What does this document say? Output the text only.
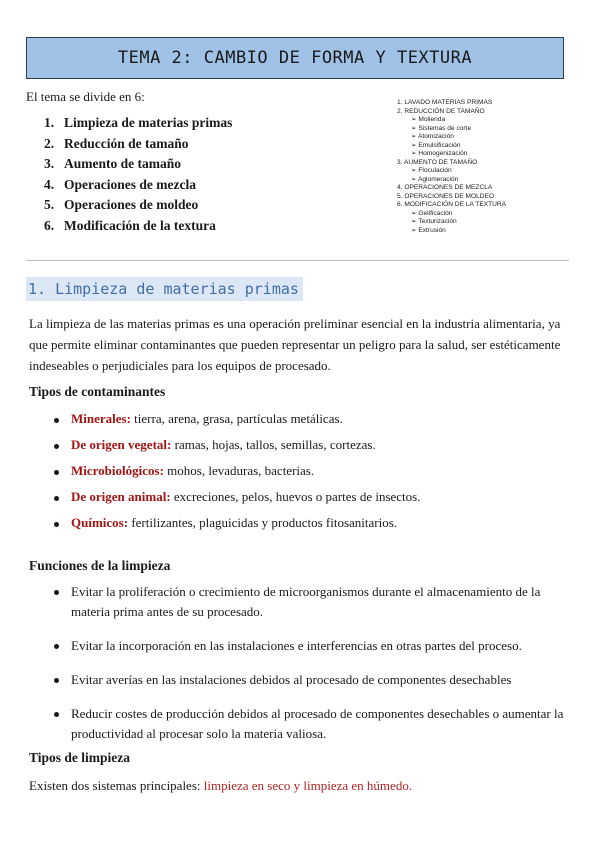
TEMA 2: CAMBIO DE FORMA Y TEXTURA
El tema se divide en 6:
1. Limpieza de materias primas
2. Reducción de tamaño
3. Aumento de tamaño
4. Operaciones de mezcla
5. Operaciones de moldeo
6. Modificación de la textura
1. LAVADO MATERIAS PRIMAS
2. REDUCCIÓN DE TAMAÑO
➢ Molienda
➢ Sistemas de corte
➢ Atomización
➢ Emulsificación
➢ Homogenización
3. AUMENTO DE TAMAÑO
➢ Floculación
➢ Aglomeración
4. OPERACIONES DE MEZCLA
5. OPERACIONES DE MOLDEO
6. MODIFICACIÓN DE LA TEXTURA
➢ Gelificación
➢ Texturización
➢ Extrusión
1. Limpieza de materias primas
La limpieza de las materias primas es una operación preliminar esencial en la industria alimentaria, ya que permite eliminar contaminantes que pueden representar un peligro para la salud, ser estéticamente indeseables o perjudiciales para los equipos de procesado.
Tipos de contaminantes
Minerales: tierra, arena, grasa, partículas metálicas.
De origen vegetal: ramas, hojas, tallos, semillas, cortezas.
Microbiológicos: mohos, levaduras, bacterias.
De origen animal: excreciones, pelos, huevos o partes de insectos.
Químicos: fertilizantes, plaguicidas y productos fitosanitarios.
Funciones de la limpieza
Evitar la proliferación o crecimiento de microorganismos durante el almacenamiento de la materia prima antes de su procesado.
Evitar la incorporación en las instalaciones e interferencias en otras partes del proceso.
Evitar averías en las instalaciones debidos al procesado de componentes desechables
Reducir costes de producción debidos al procesado de componentes desechables o aumentar la productividad al procesar solo la materia valiosa.
Tipos de limpieza
Existen dos sistemas principales: limpieza en seco y limpieza en húmedo.
